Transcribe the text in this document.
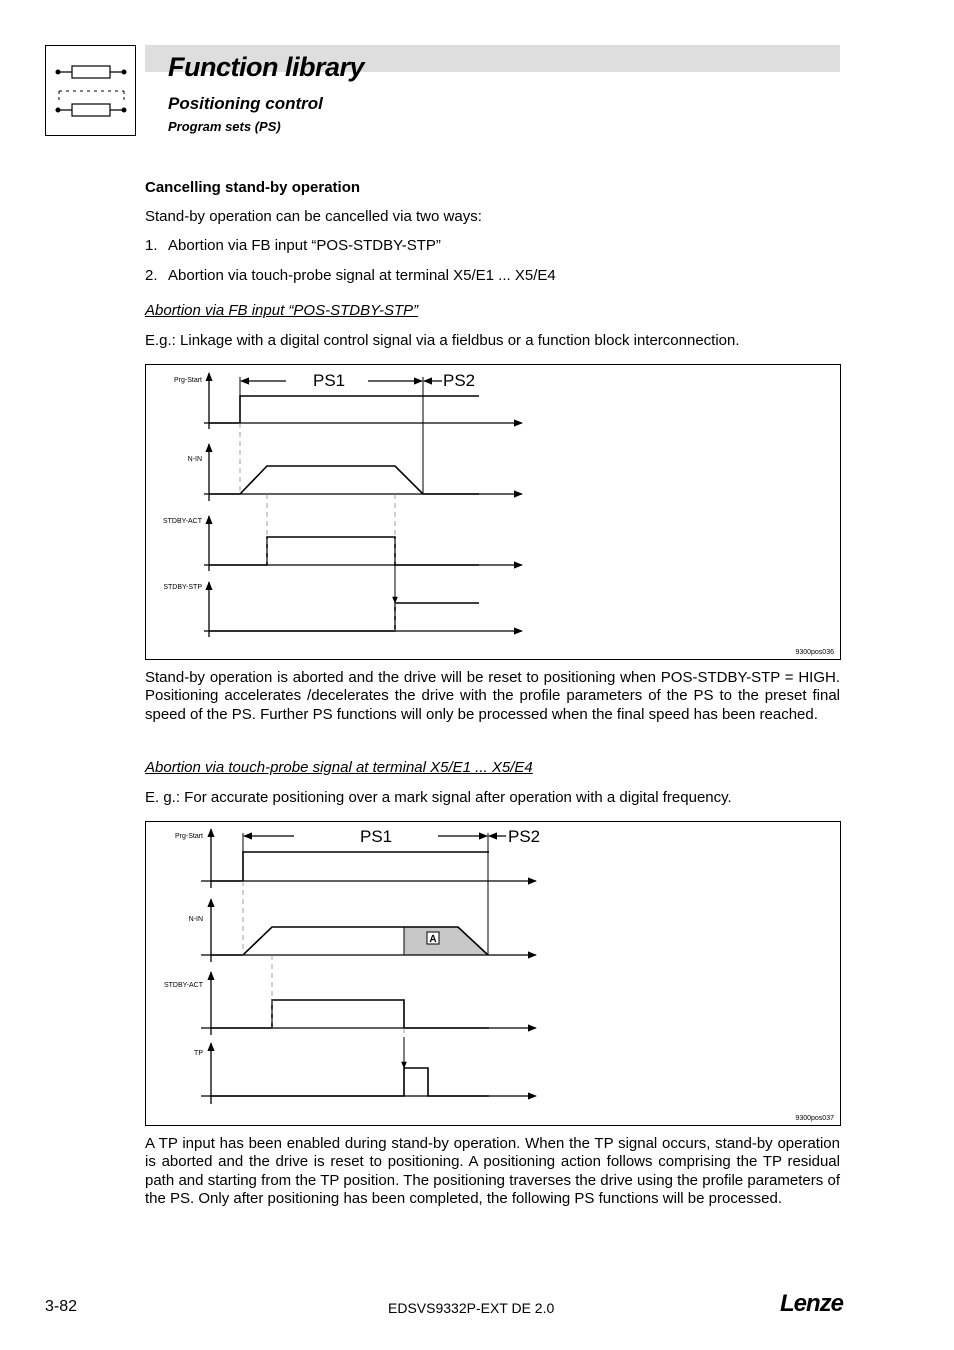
Function library
Positioning control
Program sets (PS)
Cancelling stand-by operation
Stand-by operation can be cancelled via two ways:
1. Abortion via FB input “POS-STDBY-STP”
2. Abortion via touch-probe signal at terminal X5/E1 ... X5/E4
Abortion via FB input “POS-STDBY-STP”
E.g.: Linkage with a digital control signal via a fieldbus or a function block interconnection.
Prg-Start
N-IN
STDBY-ACT
STDBY-STP
PS1	PS2
9300pos036
Stand-by operation is aborted and the drive will be reset to positioning when POS-STDBY-STP = HIGH. Positioning accelerates /decelerates the drive with the profile parameters of the PS to the preset final speed of the PS. Further PS functions will only be processed when the final speed has been reached.
Abortion via touch-probe signal at terminal X5/E1 ... X5/E4
E. g.: For accurate positioning over a mark signal after operation with a digital frequency.
Prg-Start
N-IN
STDBY-ACT
TP
PS1	PS2
A
9300pos037
A TP input has been enabled during stand-by operation. When the TP signal occurs, stand-by operation is aborted and the drive is reset to positioning. A positioning action follows comprising the TP residual path and starting from the TP position. The positioning traverses the drive using the profile parameters of the PS. Only after positioning has been completed, the following PS functions will be processed.
3-82	EDSVS9332P-EXT DE 2.0	Lenze
